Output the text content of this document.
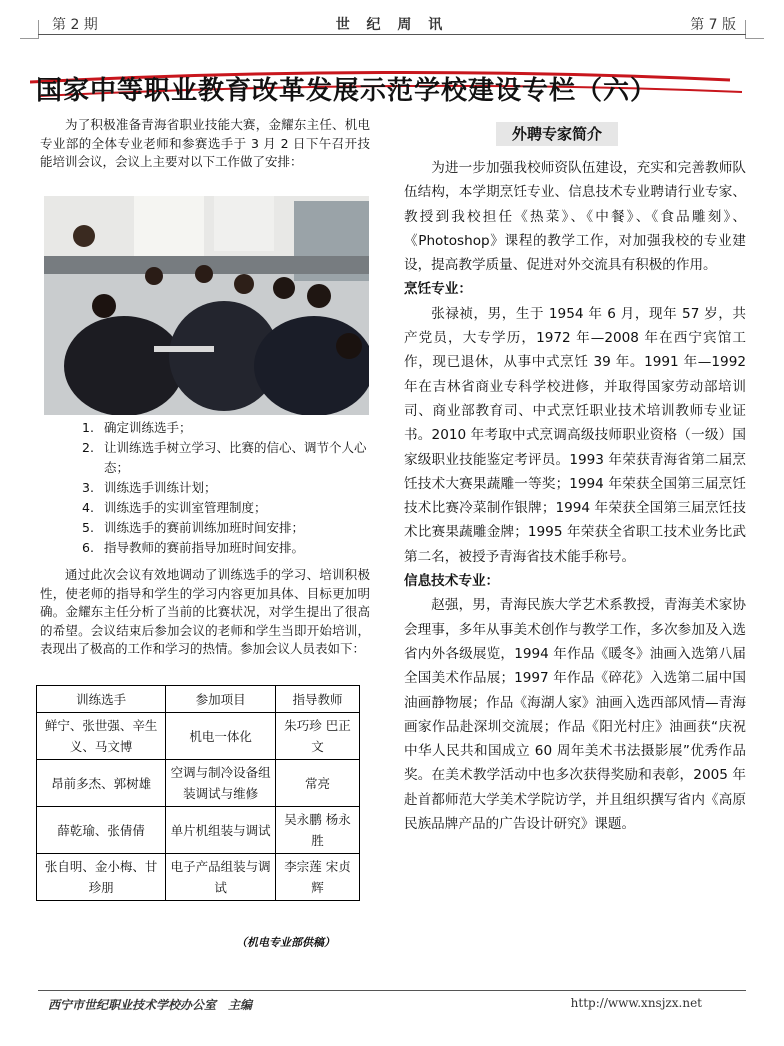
第 2 期	世 纪 周 讯	第 7 版
国家中等职业教育改革发展示范学校建设专栏（六）

为了积极准备青海省职业技能大赛，金耀东主任、机电专业部的全体专业老师和参赛选手于 3 月 2 日下午召开技能培训会议，会议上主要对以下工作做了安排：

1. 确定训练选手；
2. 让训练选手树立学习、比赛的信心、调节个人心态；
3. 训练选手训练计划；
4. 训练选手的实训室管理制度；
5. 训练选手的赛前训练加班时间安排；
6. 指导教师的赛前指导加班时间安排。

通过此次会议有效地调动了训练选手的学习、培训积极性，使老师的指导和学生的学习内容更加具体、目标更加明确。金耀东主任分析了当前的比赛状况，对学生提出了很高的希望。会议结束后参加会议的老师和学生当即开始培训，表现出了极高的工作和学习的热情。参加会议人员表如下：

训练选手	参加项目	指导教师
鲜宁、张世强、辛生义、马文博	机电一体化	朱巧珍 巴正文
昂前多杰、郭树雄	空调与制冷设备组装调试与维修	常亮
薛乾瑜、张倩倩	单片机组装与调试	吴永鹏 杨永胜
张自明、金小梅、甘珍朋	电子产品组装与调试	李宗莲 宋贞辉
（机电专业部供稿）
外聘专家简介

为进一步加强我校师资队伍建设，充实和完善教师队伍结构，本学期烹饪专业、信息技术专业聘请行业专家、教授到我校担任《热菜》、《中餐》、《食品雕刻》、《Photoshop》课程的教学工作，对加强我校的专业建设，提高教学质量、促进对外交流具有积极的作用。

烹饪专业：

张禄祯，男，生于 1954 年 6 月，现年 57 岁，共产党员，大专学历，1972 年—2008 年在西宁宾馆工作，现已退休，从事中式烹饪 39 年。1991 年—1992 年在吉林省商业专科学校进修，并取得国家劳动部培训司、商业部教育司、中式烹饪职业技术培训教师专业证书。2010 年考取中式烹调高级技师职业资格（一级）国家级职业技能鉴定考评员。1993 年荣获青海省第二届烹饪技术大赛果蔬雕一等奖；1994 年荣获全国第三届烹饪技术比赛冷菜制作银牌；1994 年荣获全国第三届烹饪技术比赛果蔬雕金牌；1995 年荣获全省职工技术业务比武第二名，被授予青海省技术能手称号。

信息技术专业：

赵强，男，青海民族大学艺术系教授，青海美术家协会理事，多年从事美术创作与教学工作，多次参加及入选省内外各级展览，1994 年作品《暖冬》油画入选第八届全国美术作品展；1997 年作品《碎花》入选第二届中国油画静物展；作品《海湖人家》油画入选西部风情—青海画家作品赴深圳交流展；作品《阳光村庄》油画获“庆祝中华人民共和国成立 60 周年美术书法摄影展”优秀作品奖。在美术教学活动中也多次获得奖励和表彰，2005 年赴首都师范大学美术学院访学，并且组织撰写省内《高原民族品牌产品的广告设计研究》课题。

西宁市世纪职业技术学校办公室　主编	http://www.xnsjzx.net
